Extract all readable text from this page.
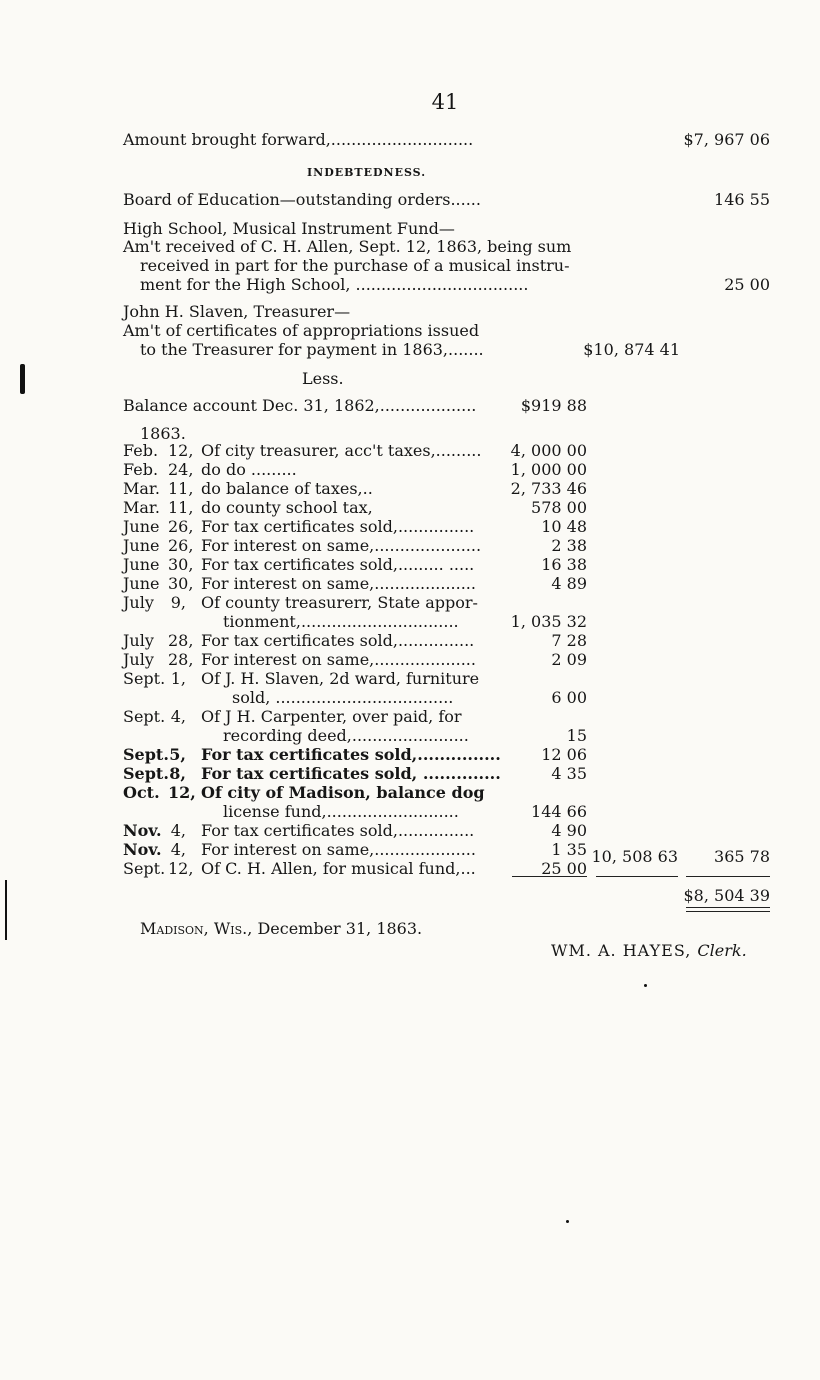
41
Amount brought forward,............................	$7, 967 06
INDEBTEDNESS.
Board of Education—outstanding orders......	146 55
High School, Musical Instrument Fund—
Am't received of C. H. Allen, Sept. 12, 1863, being sum
received in part for the purchase of a musical instru-
ment for the High School, ..................................	25 00
John H. Slaven, Treasurer—
Am't of certificates of appropriations issued
to the Treasurer for payment in 1863,.......	$10, 874 41
Less.
Balance account Dec. 31, 1862,...................	$919 88
1863.
Feb. 12, Of city treasurer, acc't taxes,.........	4, 000 00
Feb. 24, do do .........	1, 000 00
Mar. 11, do balance of taxes,..	2, 733 46
Mar. 11, do county school tax,	578 00
June 26, For tax certificates sold,...............	10 48
June 26, For interest on same,.....................	2 38
June 30, For tax certificates sold,......... .....	16 38
June 30, For interest on same,....................	4 89
July 9, Of county treasurerr, State appor-
tionment,...............................	1, 035 32
July 28, For tax certificates sold,...............	7 28
July 28, For interest on same,....................	2 09
Sept. 1, Of J. H. Slaven, 2d ward, furniture
sold, ...................................	6 00
Sept. 4, Of J H. Carpenter, over paid, for
recording deed,.......................	15
Sept. 5, For tax certificates sold,...............	12 06
Sept. 8, For tax certificates sold, ..............	4 35
Oct. 12, Of city of Madison, balance dog
license fund,..........................	144 66
Nov. 4, For tax certificates sold,...............	4 90
Nov. 4, For interest on same,....................	1 35
Sept. 12, Of C. H. Allen, for musical fund,...	25 00
10, 508 63	365 78
$8, 504 39
Madison, Wis., December 31, 1863.
WM. A. HAYES, Clerk.
